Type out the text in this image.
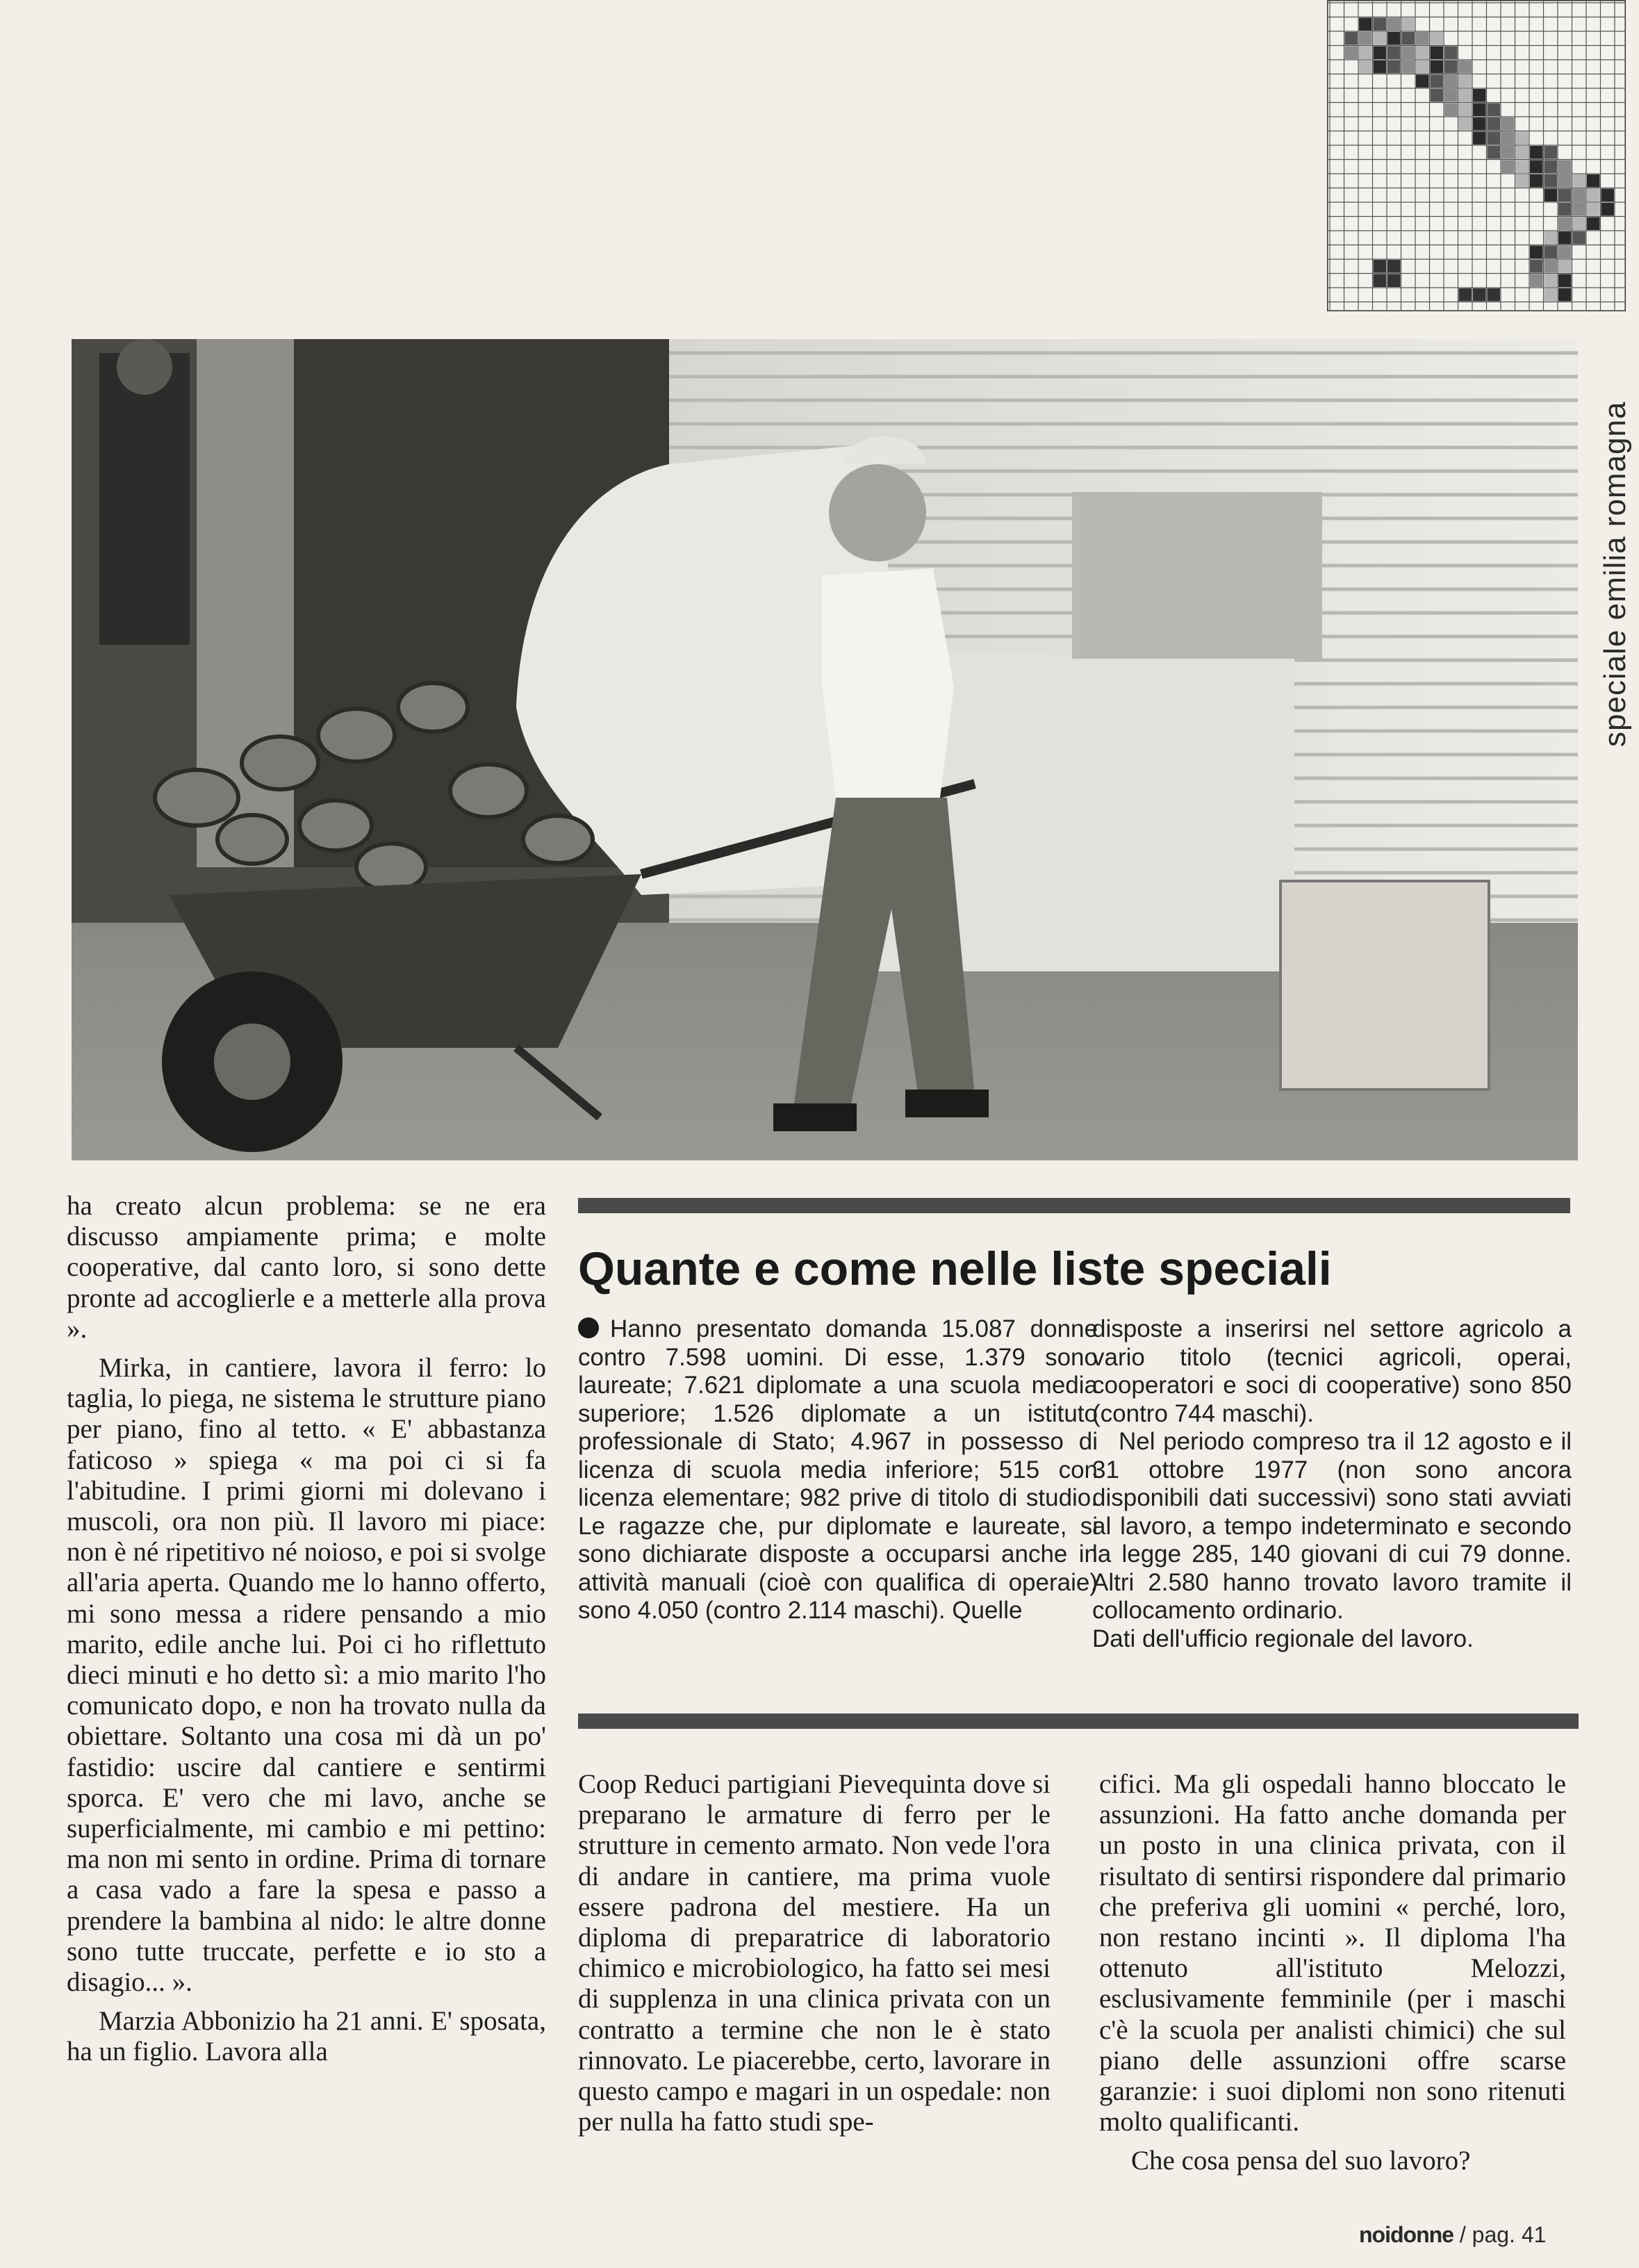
speciale emilia romagna

ha creato alcun problema: se ne era discusso ampiamente prima; e molte cooperative, dal canto loro, si sono dette pronte ad accoglierle e a metterle alla prova ».

Mirka, in cantiere, lavora il ferro: lo taglia, lo piega, ne sistema le strutture piano per piano, fino al tetto. « E' abbastanza faticoso » spiega « ma poi ci si fa l'abitudine. I primi giorni mi dolevano i muscoli, ora non più. Il lavoro mi piace: non è né ripetitivo né noioso, e poi si svolge all'aria aperta. Quando me lo hanno offerto, mi sono messa a ridere pensando a mio marito, edile anche lui. Poi ci ho riflettuto dieci minuti e ho detto sì: a mio marito l'ho comunicato dopo, e non ha trovato nulla da obiettare. Soltanto una cosa mi dà un po' fastidio: uscire dal cantiere e sentirmi sporca. E' vero che mi lavo, anche se superficialmente, mi cambio e mi pettino: ma non mi sento in ordine. Prima di tornare a casa vado a fare la spesa e passo a prendere la bambina al nido: le altre donne sono tutte truccate, perfette e io sto a disagio... ».

Marzia Abbonizio ha 21 anni. E' sposata, ha un figlio. Lavora alla

Quante e come nelle liste speciali

Hanno presentato domanda 15.087 donne contro 7.598 uomini. Di esse, 1.379 sono laureate; 7.621 diplomate a una scuola media superiore; 1.526 diplomate a un istituto professionale di Stato; 4.967 in possesso di licenza di scuola media inferiore; 515 con licenza elementare; 982 prive di titolo di studio. Le ragazze che, pur diplomate e laureate, si sono dichiarate disposte a occuparsi anche in attività manuali (cioè con qualifica di operaie) sono 4.050 (contro 2.114 maschi). Quelle

disposte a inserirsi nel settore agricolo a vario titolo (tecnici agricoli, operai, cooperatori e soci di cooperative) sono 850 (contro 744 maschi).

Nel periodo compreso tra il 12 agosto e il 31 ottobre 1977 (non sono ancora disponibili dati successivi) sono stati avviati al lavoro, a tempo indeterminato e secondo la legge 285, 140 giovani di cui 79 donne. Altri 2.580 hanno trovato lavoro tramite il collocamento ordinario.

Dati dell'ufficio regionale del lavoro.

Coop Reduci partigiani Pievequinta dove si preparano le armature di ferro per le strutture in cemento armato. Non vede l'ora di andare in cantiere, ma prima vuole essere padrona del mestiere. Ha un diploma di preparatrice di laboratorio chimico e microbiologico, ha fatto sei mesi di supplenza in una clinica privata con un contratto a termine che non le è stato rinnovato. Le piacerebbe, certo, lavorare in questo campo e magari in un ospedale: non per nulla ha fatto studi spe-

cifici. Ma gli ospedali hanno bloccato le assunzioni. Ha fatto anche domanda per un posto in una clinica privata, con il risultato di sentirsi rispondere dal primario che preferiva gli uomini « perché, loro, non restano incinti ». Il diploma l'ha ottenuto all'istituto Melozzi, esclusivamente femminile (per i maschi c'è la scuola per analisti chimici) che sul piano delle assunzioni offre scarse garanzie: i suoi diplomi non sono ritenuti molto qualificanti.

Che cosa pensa del suo lavoro?

noidonne / pag. 41
